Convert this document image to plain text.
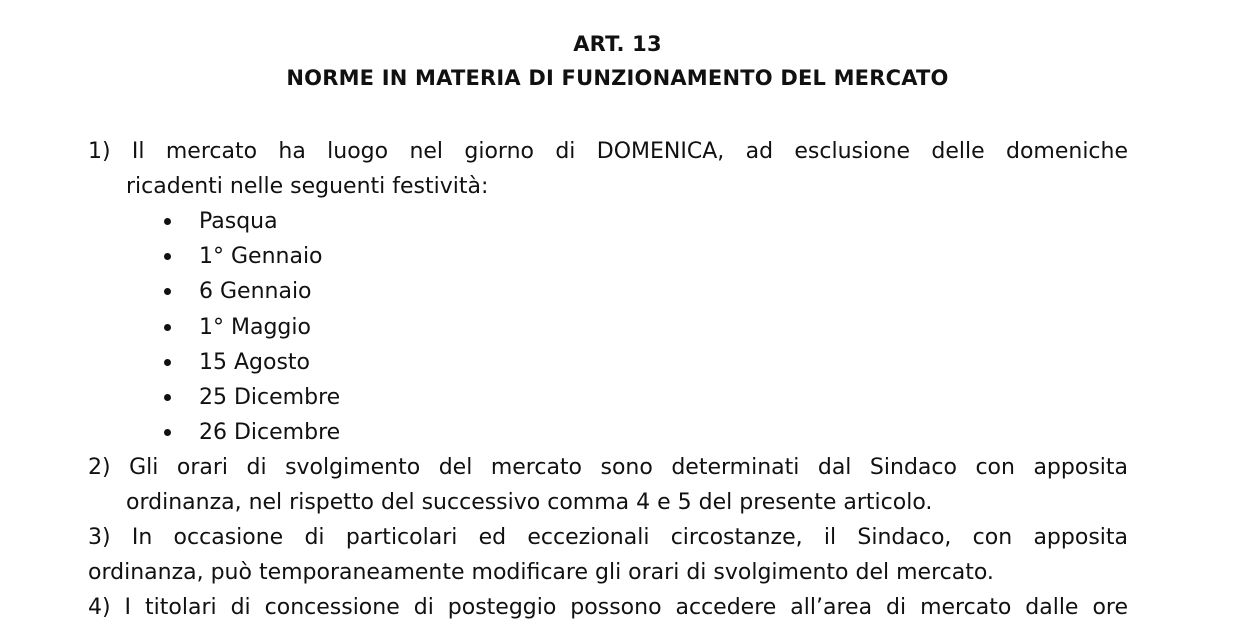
ART. 13
NORME IN MATERIA DI FUNZIONAMENTO DEL MERCATO
1) Il mercato ha luogo nel giorno di DOMENICA, ad esclusione delle domeniche
ricadenti nelle seguenti festività:
Pasqua
1° Gennaio
6 Gennaio
1° Maggio
15 Agosto
25 Dicembre
26 Dicembre
2) Gli orari di svolgimento del mercato sono determinati dal Sindaco con apposita
ordinanza, nel rispetto del successivo comma 4 e 5 del presente articolo.
3) In occasione di particolari ed eccezionali circostanze, il Sindaco, con apposita
ordinanza, può temporaneamente modificare gli orari di svolgimento del mercato.
4) I titolari di concessione di posteggio possono accedere all’area di mercato dalle ore
